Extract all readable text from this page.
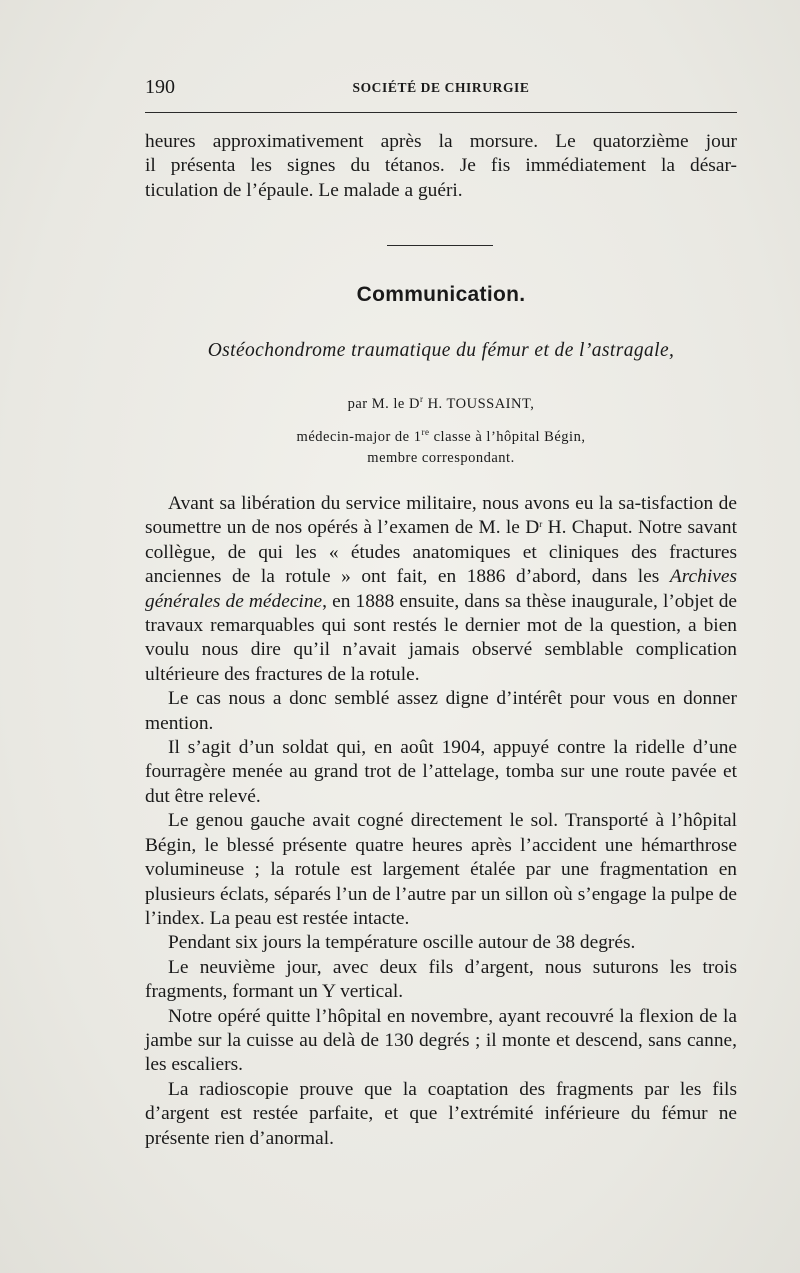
190	SOCIÉTÉ DE CHIRURGIE

heures approximativement après la morsure. Le quatorzième jour

il présenta les signes du tétanos. Je fis immédiatement la désar-

ticulation de l’épaule. Le malade a guéri.

Communication.
Ostéochondrome traumatique du fémur et de l’astragale,
par M. le $D^r$ H. TOUSSAINT,
médecin-major de 1re classe à l’hôpital Bégin,
membre correspondant.

Avant sa libération du service militaire, nous avons eu la sa-tisfaction de soumettre un de nos opérés à l’examen de M. le $D^r$ H. Chaput. Notre savant collègue, de qui les « études anatomiques et cliniques des fractures anciennes de la rotule » ont fait, en 1886 d’abord, dans les Archives générales de médecine, en 1888 ensuite, dans sa thèse inaugurale, l’objet de travaux remarquables qui sont restés le dernier mot de la question, a bien voulu nous dire qu’il n’avait jamais observé semblable complication ultérieure des fractures de la rotule.

Le cas nous a donc semblé assez digne d’intérêt pour vous en donner mention.

Il s’agit d’un soldat qui, en août 1904, appuyé contre la ridelle d’une fourragère menée au grand trot de l’attelage, tomba sur une route pavée et dut être relevé.

Le genou gauche avait cogné directement le sol. Transporté à l’hôpital Bégin, le blessé présente quatre heures après l’accident une hémarthrose volumineuse ; la rotule est largement étalée par une fragmentation en plusieurs éclats, séparés l’un de l’autre par un sillon où s’engage la pulpe de l’index. La peau est restée intacte.

Pendant six jours la température oscille autour de 38 degrés.

Le neuvième jour, avec deux fils d’argent, nous suturons les trois fragments, formant un Y vertical.

Notre opéré quitte l’hôpital en novembre, ayant recouvré la flexion de la jambe sur la cuisse au delà de 130 degrés ; il monte et descend, sans canne, les escaliers.

La radioscopie prouve que la coaptation des fragments par les fils d’argent est restée parfaite, et que l’extrémité inférieure du fémur ne présente rien d’anormal.
